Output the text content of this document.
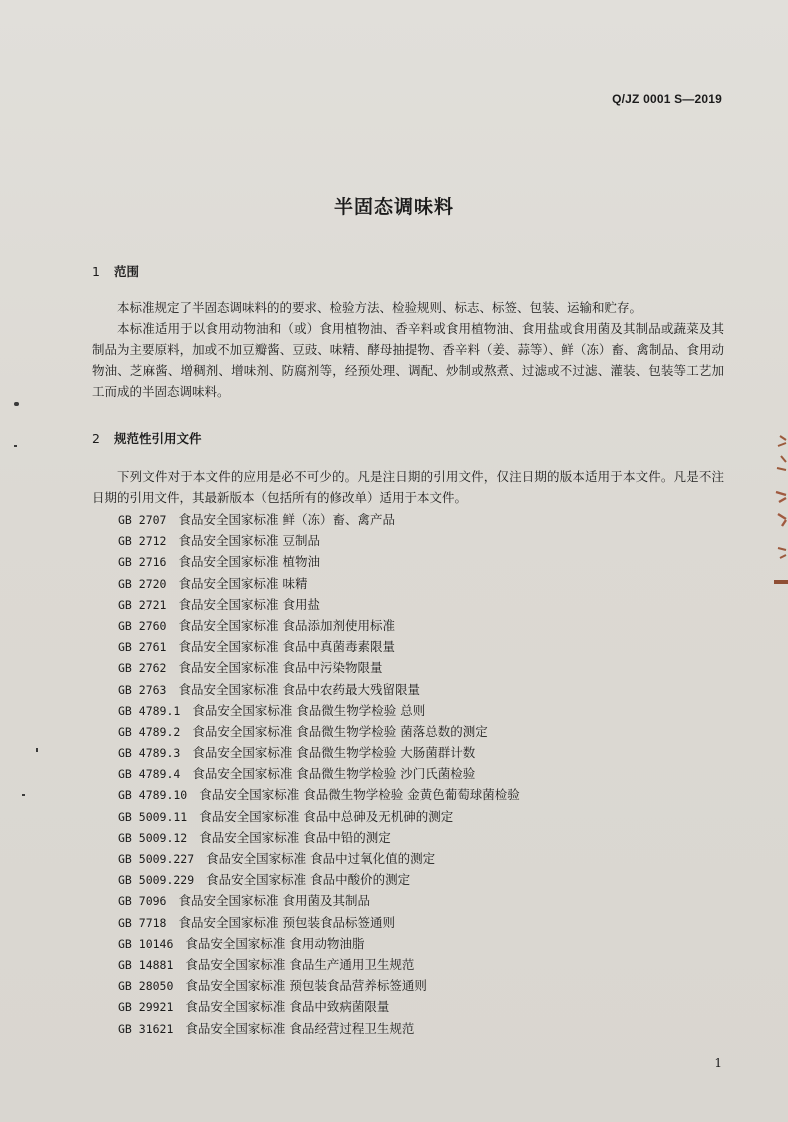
Q/JZ 0001 S—2019
半固态调味料
1 范围

本标准规定了半固态调味料的的要求、检验方法、检验规则、标志、标签、包装、运输和贮存。

本标准适用于以食用动物油和（或）食用植物油、香辛料或食用植物油、食用盐或食用菌及其制品或蔬菜及其制品为主要原料，加或不加豆瓣酱、豆豉、味精、酵母抽提物、香辛料（姜、蒜等）、鲜（冻）畜、禽制品、食用动物油、芝麻酱、增稠剂、增味剂、防腐剂等，经预处理、调配、炒制或熬煮、过滤或不过滤、灌装、包装等工艺加工而成的半固态调味料。

2 规范性引用文件

下列文件对于本文件的应用是必不可少的。凡是注日期的引用文件，仅注日期的版本适用于本文件。凡是不注日期的引用文件，其最新版本（包括所有的修改单）适用于本文件。

GB 2707 食品安全国家标准 鲜（冻）畜、禽产品
GB 2712 食品安全国家标准 豆制品
GB 2716 食品安全国家标准 植物油
GB 2720 食品安全国家标准 味精
GB 2721 食品安全国家标准 食用盐
GB 2760 食品安全国家标准 食品添加剂使用标准
GB 2761 食品安全国家标准 食品中真菌毒素限量
GB 2762 食品安全国家标准 食品中污染物限量
GB 2763 食品安全国家标准 食品中农药最大残留限量
GB 4789.1 食品安全国家标准 食品微生物学检验 总则
GB 4789.2 食品安全国家标准 食品微生物学检验 菌落总数的测定
GB 4789.3 食品安全国家标准 食品微生物学检验 大肠菌群计数
GB 4789.4 食品安全国家标准 食品微生物学检验 沙门氏菌检验
GB 4789.10 食品安全国家标准 食品微生物学检验 金黄色葡萄球菌检验
GB 5009.11 食品安全国家标准 食品中总砷及无机砷的测定
GB 5009.12 食品安全国家标准 食品中铅的测定
GB 5009.227 食品安全国家标准 食品中过氧化值的测定
GB 5009.229 食品安全国家标准 食品中酸价的测定
GB 7096 食品安全国家标准 食用菌及其制品
GB 7718 食品安全国家标准 预包装食品标签通则
GB 10146 食品安全国家标准 食用动物油脂
GB 14881 食品安全国家标准 食品生产通用卫生规范
GB 28050 食品安全国家标准 预包装食品营养标签通则
GB 29921 食品安全国家标准 食品中致病菌限量
GB 31621 食品安全国家标准 食品经营过程卫生规范
1
